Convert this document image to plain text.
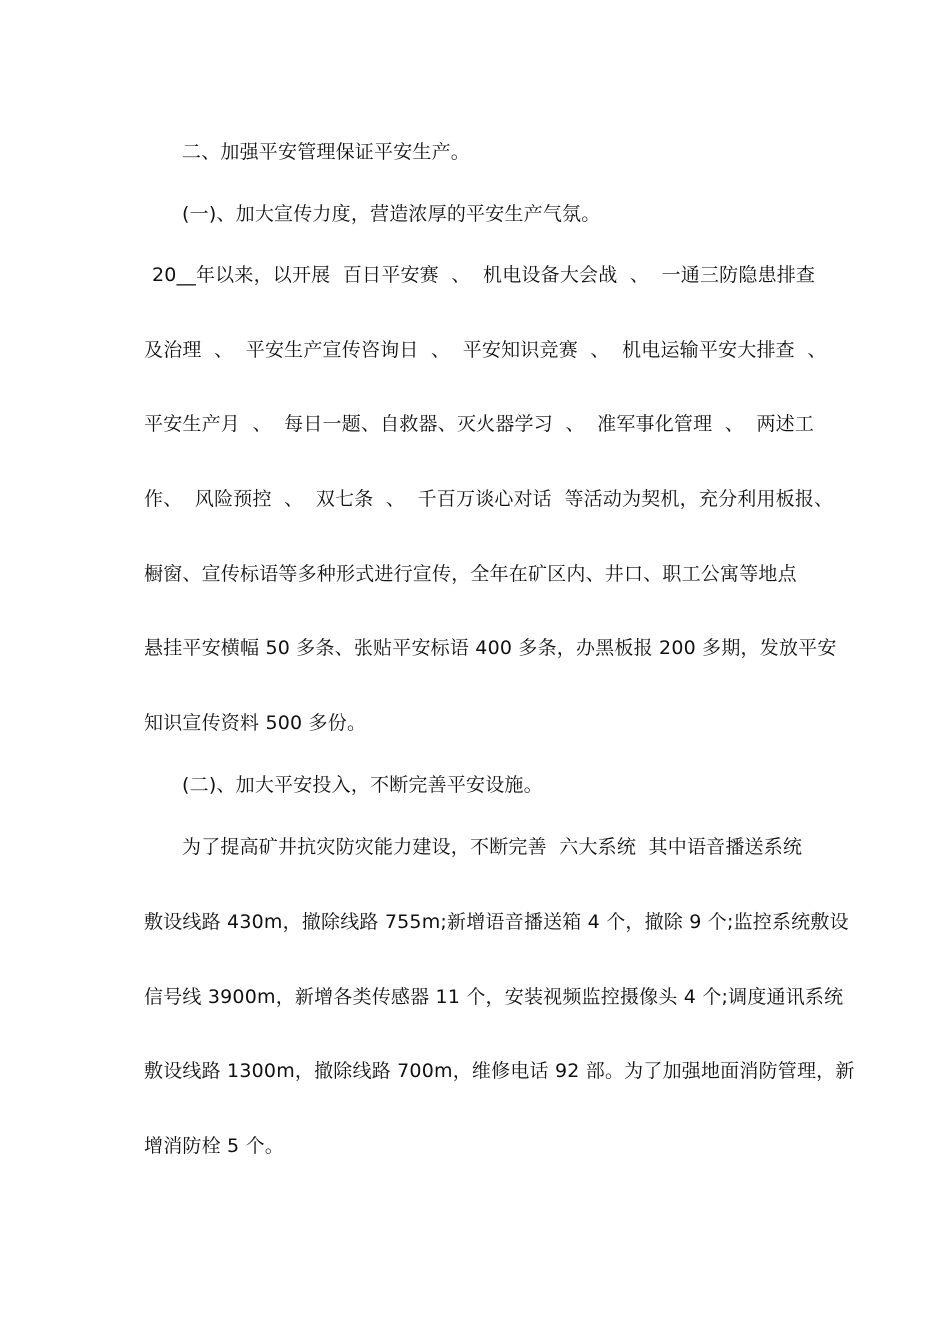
二、加强平安管理保证平安生产。
(一)、加大宣传力度，营造浓厚的平安生产气氛。
20__年以来，以开展  百日平安赛  、  机电设备大会战  、  一通三防隐患排查
及治理  、  平安生产宣传咨询日  、  平安知识竞赛  、  机电运输平安大排查  、
平安生产月  、  每日一题、自救器、灭火器学习  、  准军事化管理  、  两述工
作、  风险预控  、  双七条  、  千百万谈心对话  等活动为契机，充分利用板报、
橱窗、宣传标语等多种形式进行宣传，全年在矿区内、井口、职工公寓等地点
悬挂平安横幅 50 多条、张贴平安标语 400 多条，办黑板报 200 多期，发放平安
知识宣传资料 500 多份。
(二)、加大平安投入，不断完善平安设施。
为了提高矿井抗灾防灾能力建设，不断完善  六大系统  其中语音播送系统
敷设线路 430m，撤除线路 755m;新增语音播送箱 4 个，撤除 9 个;监控系统敷设
信号线 3900m，新增各类传感器 11 个，安装视频监控摄像头 4 个;调度通讯系统
敷设线路 1300m，撤除线路 700m，维修电话 92 部。为了加强地面消防管理，新
增消防栓 5 个。
